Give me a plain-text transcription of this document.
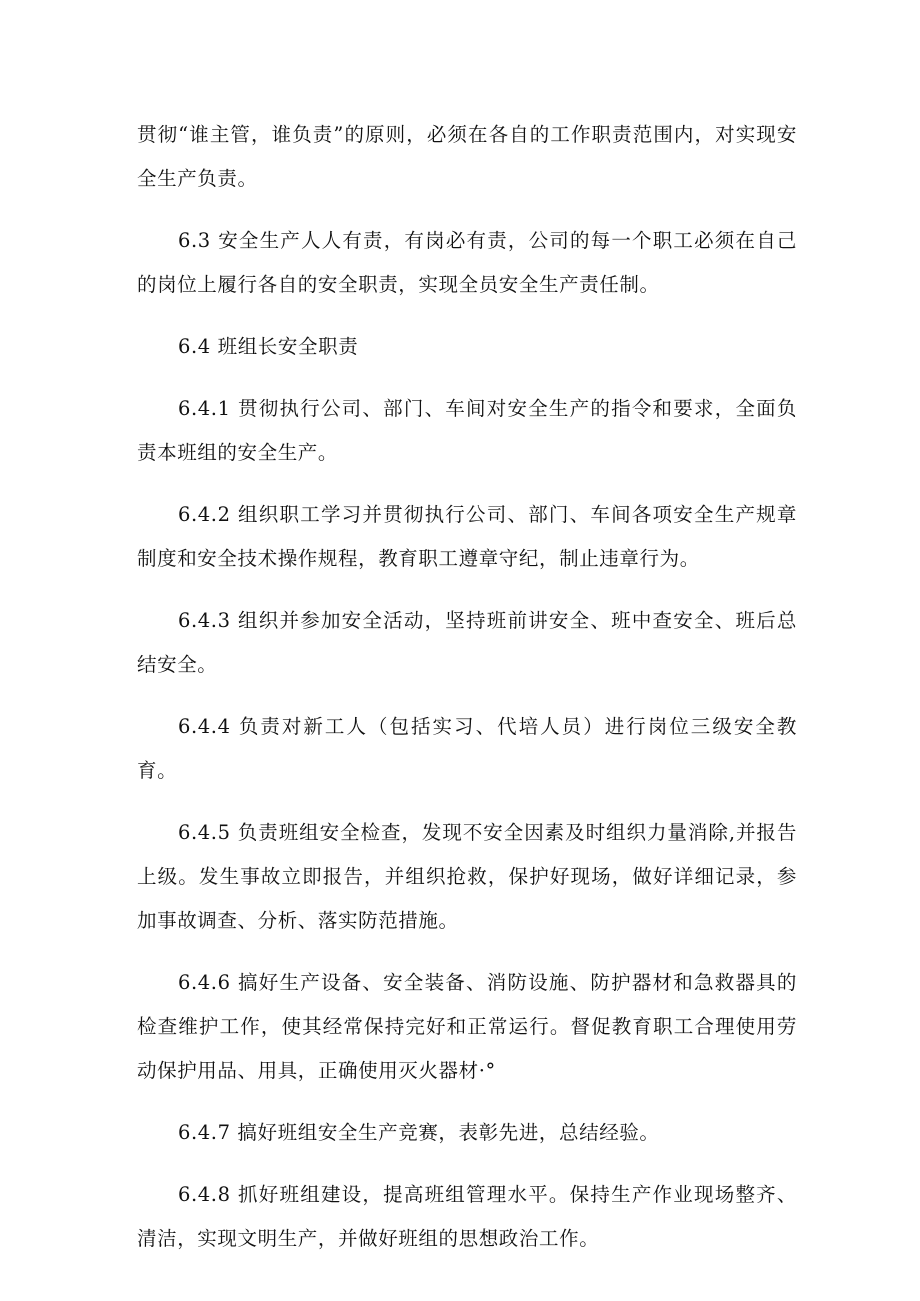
贯彻“谁主管，谁负责”的原则，必须在各自的工作职责范围内，对实现安全生产负责。

6.3 安全生产人人有责，有岗必有责，公司的每一个职工必须在自己的岗位上履行各自的安全职责，实现全员安全生产责任制。

6.4 班组长安全职责

6.4.1 贯彻执行公司、部门、车间对安全生产的指令和要求，全面负责本班组的安全生产。

6.4.2 组织职工学习并贯彻执行公司、部门、车间各项安全生产规章制度和安全技术操作规程，教育职工遵章守纪，制止违章行为。

6.4.3 组织并参加安全活动，坚持班前讲安全、班中查安全、班后总结安全。

6.4.4 负责对新工人（包括实习、代培人员）进行岗位三级安全教育。

6.4.5 负责班组安全检查，发现不安全因素及时组织力量消除,并报告上级。发生事故立即报告，并组织抢救，保护好现场，做好详细记录，参加事故调查、分析、落实防范措施。

6.4.6 搞好生产设备、安全装备、消防设施、防护器材和急救器具的检查维护工作，使其经常保持完好和正常运行。督促教育职工合理使用劳动保护用品、用具，正确使用灭火器材·°

6.4.7 搞好班组安全生产竞赛，表彰先进，总结经验。

6.4.8 抓好班组建设，提高班组管理水平。保持生产作业现场整齐、清洁，实现文明生产，并做好班组的思想政治工作。
